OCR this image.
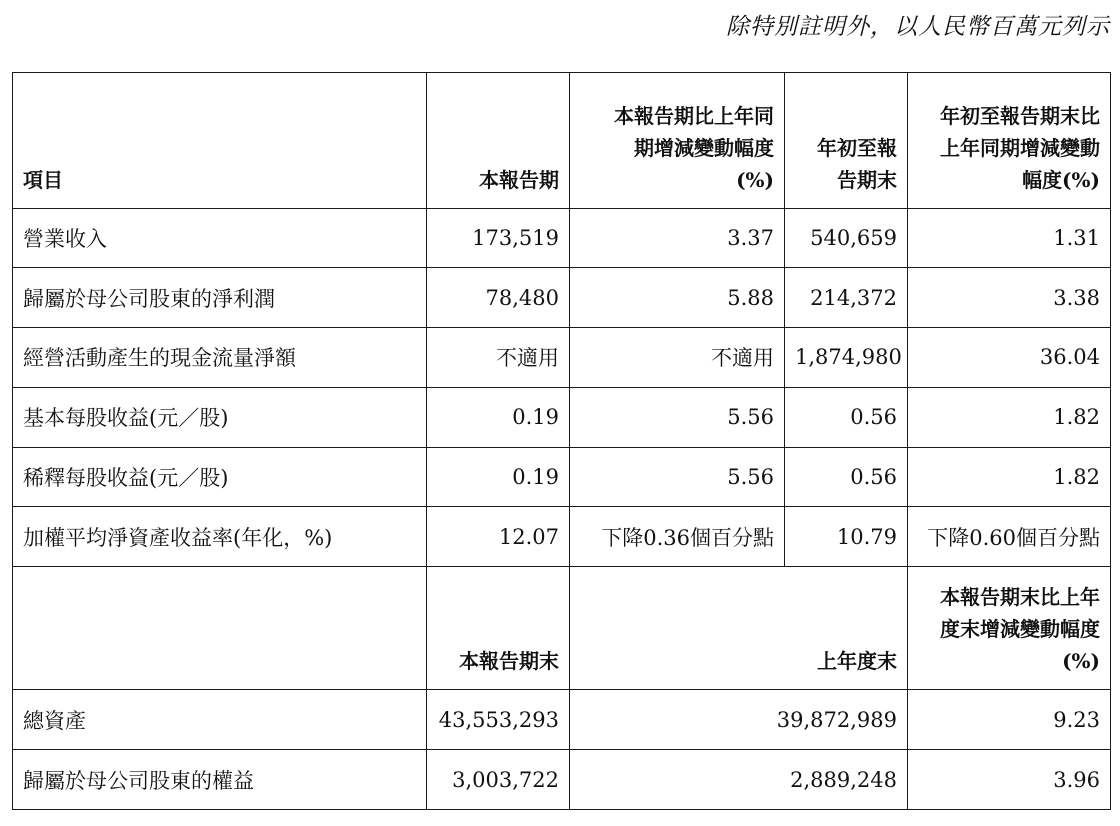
除特別註明外，以人民幣百萬元列示
項目	本報告期	本報告期比上年同期增減變動幅度(%)	年初至報告期末	年初至報告期末比上年同期增減變動幅度(%)
營業收入	173,519	3.37	540,659	1.31
歸屬於母公司股東的淨利潤	78,480	5.88	214,372	3.38
經營活動產生的現金流量淨額	不適用	不適用	1,874,980	36.04
基本每股收益(元／股)	0.19	5.56	0.56	1.82
稀釋每股收益(元／股)	0.19	5.56	0.56	1.82
加權平均淨資產收益率(年化，%)	12.07	下降0.36個百分點	10.79	下降0.60個百分點
	本報告期末	上年度末		本報告期末比上年度末增減變動幅度(%)
總資產	43,553,293	39,872,989		9.23
歸屬於母公司股東的權益	3,003,722	2,889,248		3.96
